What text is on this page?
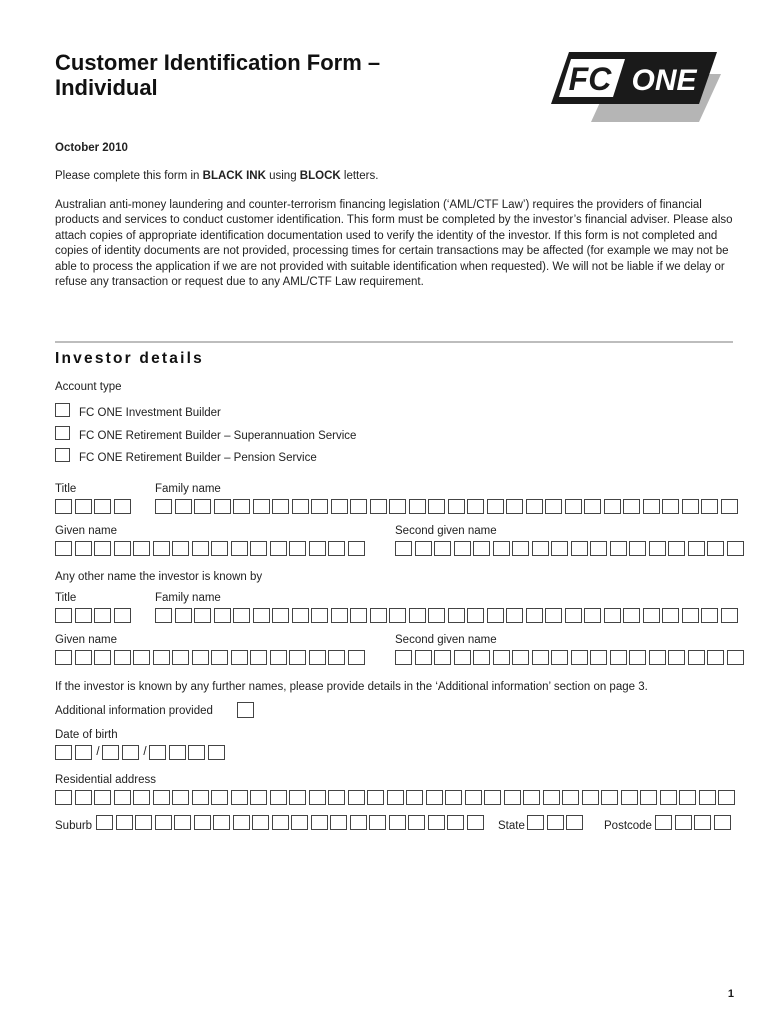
Customer Identification Form –
Individual	FC ONE
October 2010
Please complete this form in BLACK INK using BLOCK letters.
Australian anti-money laundering and counter-terrorism financing legislation (‘AML/CTF Law’) requires the providers of financial products and services to conduct customer identification. This form must be completed by the investor’s financial adviser. Please also attach copies of appropriate identification documentation used to verify the identity of the investor. If this form is not completed and copies of identity documents are not provided, processing times for certain transactions may be affected (for example we may not be able to process the application if we are not provided with suitable identification when requested). We will not be liable if we delay or refuse any transaction or request due to any AML/CTF Law requirement.
Investor details
Account type
FC ONE Investment Builder
FC ONE Retirement Builder – Superannuation Service
FC ONE Retirement Builder – Pension Service
Title	Family name
Given name	Second given name
Any other name the investor is known by
Title	Family name
Given name	Second given name
If the investor is known by any further names, please provide details in the ‘Additional information’ section on page 3.
Additional information provided
Date of birth
/	/
Residential address
Suburb	State	Postcode
1
